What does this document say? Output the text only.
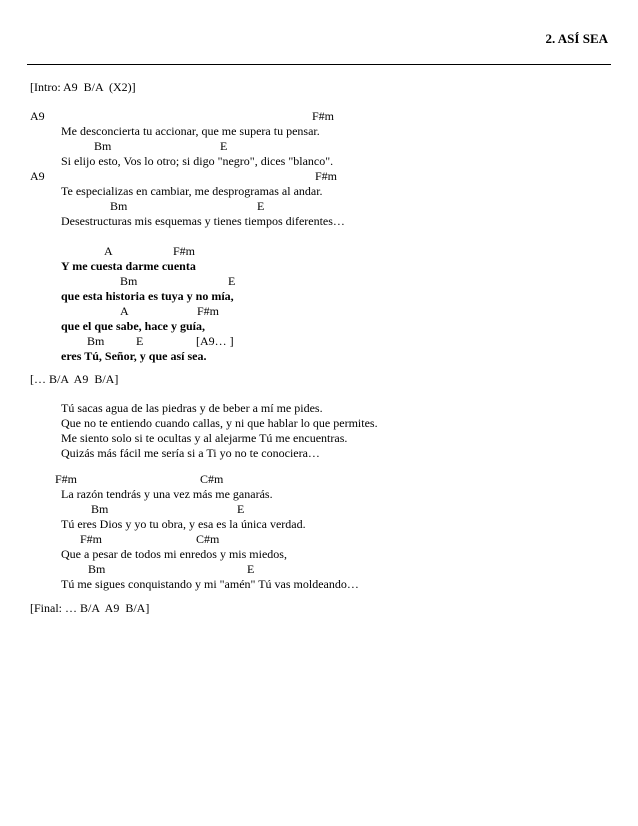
2. ASÍ SEA
[Intro: A9  B/A  (X2)]
A9	F#m
Me desconcierta tu accionar, que me supera tu pensar.
Bm	E
Si elijo esto, Vos lo otro; si digo "negro", dices "blanco".
A9	F#m
Te especializas en cambiar, me desprogramas al andar.
Bm	E
Desestructuras mis esquemas y tienes tiempos diferentes…
A	F#m
Y me cuesta darme cuenta
Bm	E
que esta historia es tuya y no mía,
A	F#m
que el que sabe, hace y guía,
Bm	E	[A9… ]
eres Tú, Señor, y que así sea.
[… B/A  A9  B/A]
Tú sacas agua de las piedras y de beber a mí me pides.
Que no te entiendo cuando callas, y ni que hablar lo que permites.
Me siento solo si te ocultas y al alejarme Tú me encuentras.
Quizás más fácil me sería si a Ti yo no te conociera…
F#m	C#m
La razón tendrás y una vez más me ganarás.
Bm	E
Tú eres Dios y yo tu obra, y esa es la única verdad.
F#m	C#m
Que a pesar de todos mi enredos y mis miedos,
Bm	E
Tú me sigues conquistando y mi "amén" Tú vas moldeando…
[Final: … B/A  A9  B/A]
